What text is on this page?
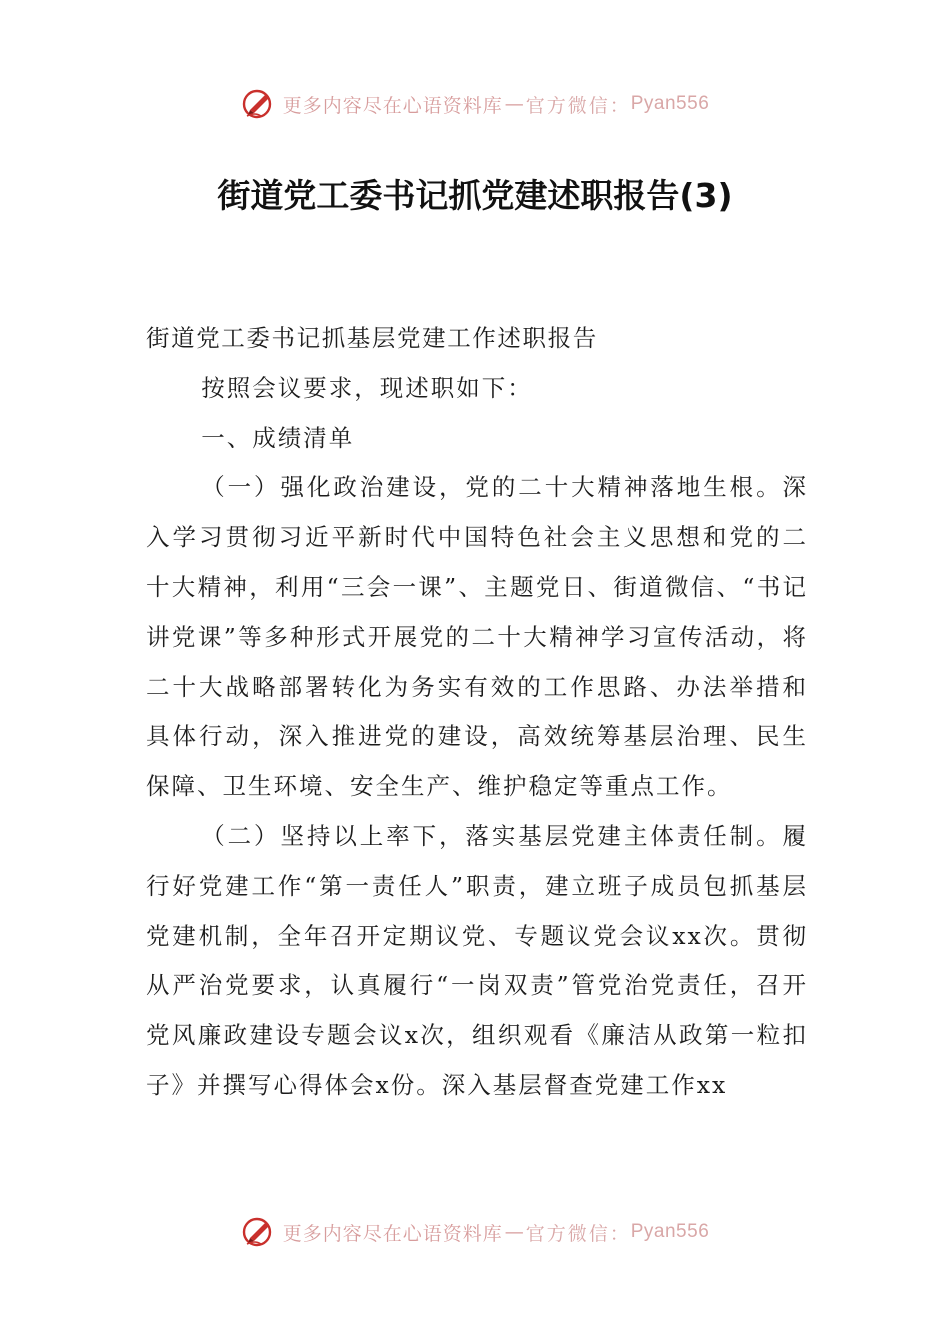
更多内容尽在心语资料库 — 官方微信： Pyan556
街道党工委书记抓党建述职报告(3)

街道党工委书记抓基层党建工作述职报告

按照会议要求，现述职如下：

一、成绩清单

（一）强化政治建设，党的二十大精神落地生根。深入学习贯彻习近平新时代中国特色社会主义思想和党的二十大精神，利用“三会一课”、主题党日、街道微信、“书记讲党课”等多种形式开展党的二十大精神学习宣传活动，将二十大战略部署转化为务实有效的工作思路、办法举措和具体行动，深入推进党的建设，高效统筹基层治理、民生保障、卫生环境、安全生产、维护稳定等重点工作。

（二）坚持以上率下，落实基层党建主体责任制。履行好党建工作“第一责任人”职责，建立班子成员包抓基层党建机制，全年召开定期议党、专题议党会议xx次。贯彻从严治党要求，认真履行“一岗双责”管党治党责任，召开党风廉政建设专题会议x次，组织观看《廉洁从政第一粒扣子》并撰写心得体会x份。深入基层督查党建工作xx

更多内容尽在心语资料库 — 官方微信： Pyan556
